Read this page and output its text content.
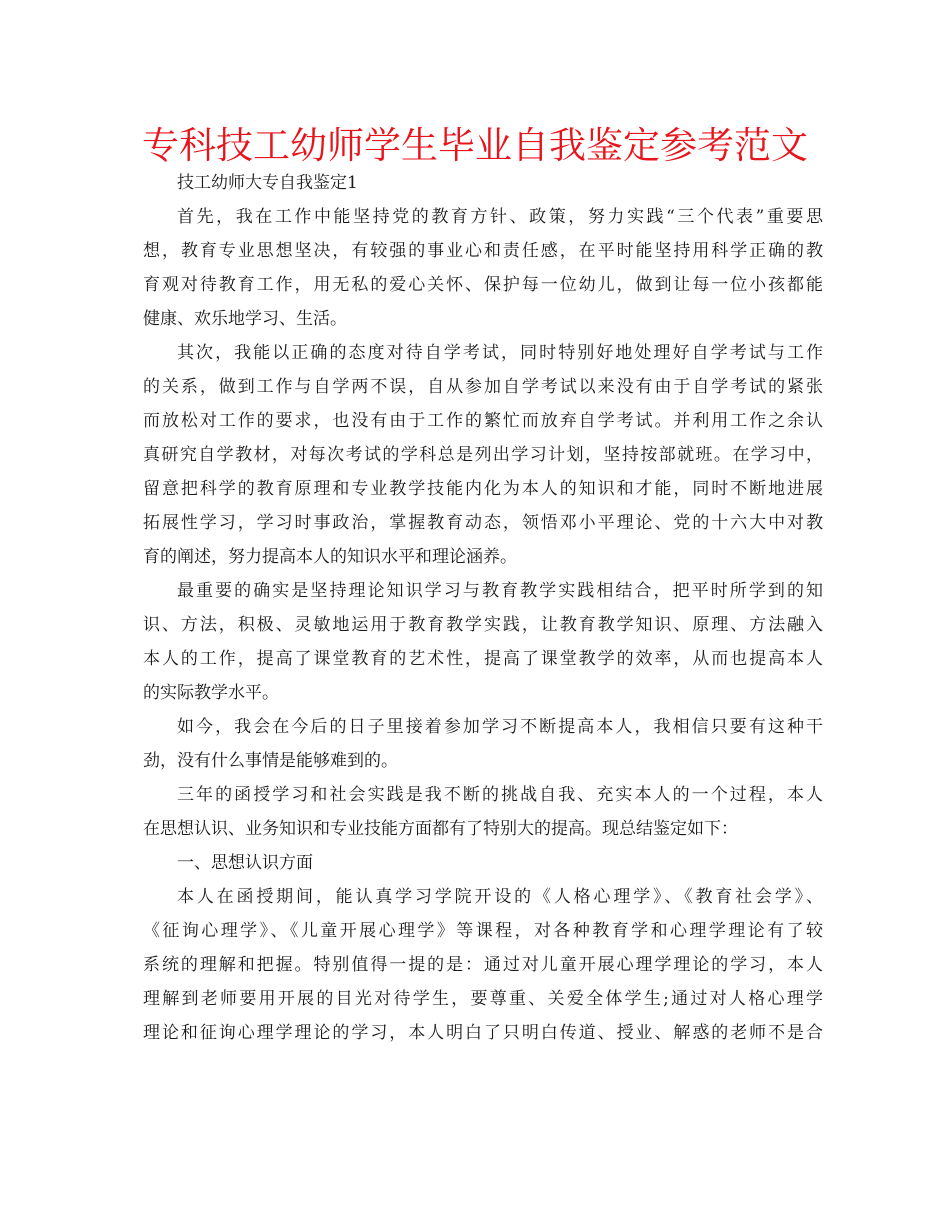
专科技工幼师学生毕业自我鉴定参考范文
技工幼师大专自我鉴定1
首先，我在工作中能坚持党的教育方针、政策，努力实践“三个代表”重要思
想，教育专业思想坚决，有较强的事业心和责任感，在平时能坚持用科学正确的教
育观对待教育工作，用无私的爱心关怀、保护每一位幼儿，做到让每一位小孩都能
健康、欢乐地学习、生活。
其次，我能以正确的态度对待自学考试，同时特别好地处理好自学考试与工作
的关系，做到工作与自学两不误，自从参加自学考试以来没有由于自学考试的紧张
而放松对工作的要求，也没有由于工作的繁忙而放弃自学考试。并利用工作之余认
真研究自学教材，对每次考试的学科总是列出学习计划，坚持按部就班。在学习中，
留意把科学的教育原理和专业教学技能内化为本人的知识和才能，同时不断地进展
拓展性学习，学习时事政治，掌握教育动态，领悟邓小平理论、党的十六大中对教
育的阐述，努力提高本人的知识水平和理论涵养。
最重要的确实是坚持理论知识学习与教育教学实践相结合，把平时所学到的知
识、方法，积极、灵敏地运用于教育教学实践，让教育教学知识、原理、方法融入
本人的工作，提高了课堂教育的艺术性，提高了课堂教学的效率，从而也提高本人
的实际教学水平。
如今，我会在今后的日子里接着参加学习不断提高本人，我相信只要有这种干
劲，没有什么事情是能够难到的。
三年的函授学习和社会实践是我不断的挑战自我、充实本人的一个过程，本人
在思想认识、业务知识和专业技能方面都有了特别大的提高。现总结鉴定如下：
一、思想认识方面
本人在函授期间，能认真学习学院开设的《人格心理学》、《教育社会学》、
《征询心理学》、《儿童开展心理学》等课程，对各种教育学和心理学理论有了较
系统的理解和把握。特别值得一提的是：通过对儿童开展心理学理论的学习，本人
理解到老师要用开展的目光对待学生，要尊重、关爱全体学生;通过对人格心理学
理论和征询心理学理论的学习，本人明白了只明白传道、授业、解惑的老师不是合
